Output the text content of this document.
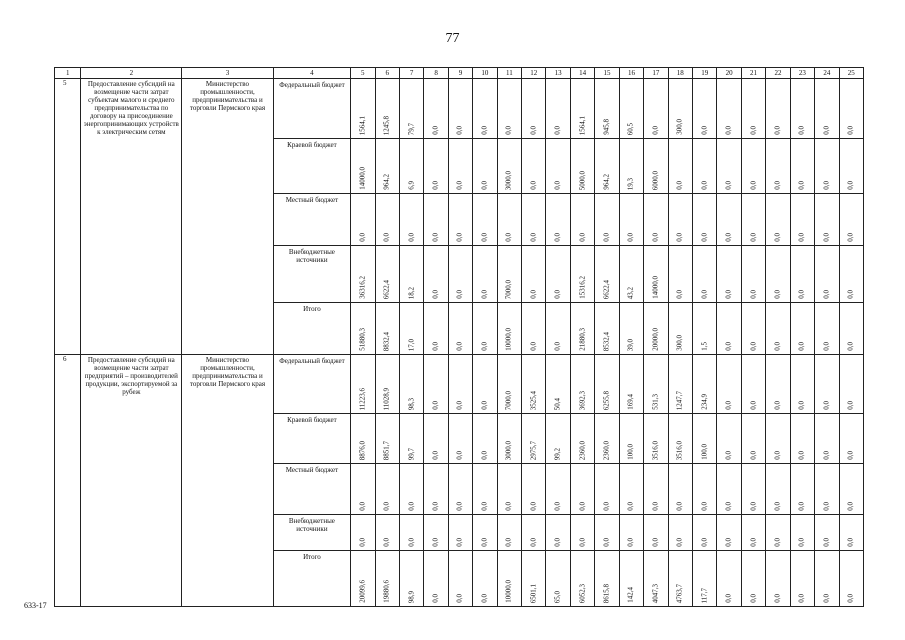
77
1	2	3	4	5	6	7	8	9	10	11	12	13	14	15	16	17	18	19	20	21	22	23	24	25
5	Предоставление субсидий на возмещение части затрат субъектам малого и среднего предпринимательства по договору на присоединение энергопринимающих устройств к электрическим сетям	Министерство промышленности, предпринимательства и торговли Пермского края	Федеральный бюджет	1564,1	1245,8	79,7	0,0	0,0	0,0	0,0	0,0	0,0	1564,1	945,8	60,5	0,0	300,0	0,0	0,0	0,0	0,0	0,0	0,0	0,0

			Краевой бюджет	14000,0	964,2	6,9	0,0	0,0	0,0	3000,0	0,0	0,0	5000,0	964,2	19,3	6000,0	0,0	0,0	0,0	0,0	0,0	0,0	0,0	0,0

			Местный бюджет	0,0	0,0	0,0	0,0	0,0	0,0	0,0	0,0	0,0	0,0	0,0	0,0	0,0	0,0	0,0	0,0	0,0	0,0	0,0	0,0	0,0

			Внебюджетные источники	36316,2	6622,4	18,2	0,0	0,0	0,0	7000,0	0,0	0,0	15316,2	6622,4	43,2	14000,0	0,0	0,0	0,0	0,0	0,0	0,0	0,0	0,0

			Итого	51880,3	8832,4	17,0	0,0	0,0	0,0	10000,0	0,0	0,0	21880,3	8532,4	39,0	20000,0	300,0	1,5	0,0	0,0	0,0	0,0	0,0	0,0

6	Предоставление субсидий на возмещение части затрат предприятий – производителей продукции, экспортируемой за рубеж	Министерство промышленности, предпринимательства и торговли Пермского края	Федеральный бюджет	11223,6	11028,9	98,3	0,0	0,0	0,0	7000,0	3525,4	50,4	3692,3	6255,8	169,4	531,3	1247,7	234,9	0,0	0,0	0,0	0,0	0,0	0,0

			Краевой бюджет	8876,0	8851,7	99,7	0,0	0,0	0,0	3000,0	2975,7	99,2	2360,0	2360,0	100,0	3516,0	3516,0	100,0	0,0	0,0	0,0	0,0	0,0	0,0

			Местный бюджет	0,0	0,0	0,0	0,0	0,0	0,0	0,0	0,0	0,0	0,0	0,0	0,0	0,0	0,0	0,0	0,0	0,0	0,0	0,0	0,0	0,0

			Внебюджетные источники	0,0	0,0	0,0	0,0	0,0	0,0	0,0	0,0	0,0	0,0	0,0	0,0	0,0	0,0	0,0	0,0	0,0	0,0	0,0	0,0	0,0

			Итого	20099,6	19880,6	98,9	0,0	0,0	0,0	10000,0	6501,1	65,0	6052,3	8615,8	142,4	4047,3	4763,7	117,7	0,0	0,0	0,0	0,0	0,0	0,0
633-17
